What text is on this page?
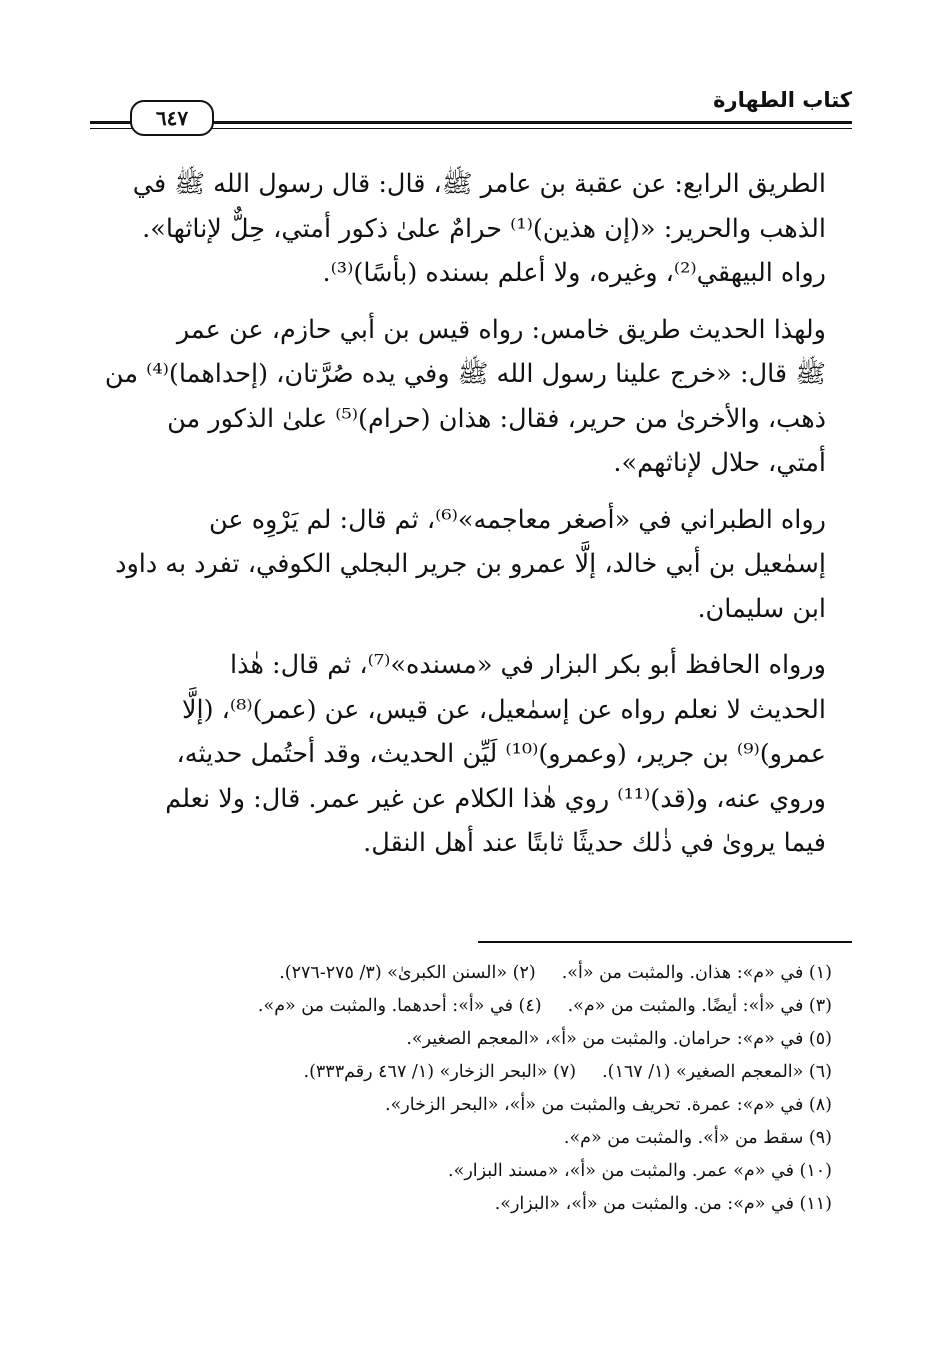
كتاب الطهارة
٦٤٧

الطريق الرابع: عن عقبة بن عامر ﷺ، قال: قال رسول الله ﷺ في
الذهب والحرير: «(إن هذين)⁽¹⁾ حرامٌ علىٰ ذكور أمتي، حِلٌّ لإناثها».
رواه البيهقي⁽²⁾، وغيره، ولا أعلم بسنده (بأسًا)⁽³⁾.

ولهذا الحديث طريق خامس: رواه قيس بن أبي حازم، عن عمر
ﷺ قال: «خرج علينا رسول الله ﷺ وفي يده صُرَّتان، (إحداهما)⁽⁴⁾ من
ذهب، والأخرىٰ من حرير، فقال: هذان (حرام)⁽⁵⁾ علىٰ الذكور من
أمتي، حلال لإناثهم».

رواه الطبراني في «أصغر معاجمه»⁽⁶⁾، ثم قال: لم يَرْوِه عن
إسمٰعيل بن أبي خالد، إلَّا عمرو بن جرير البجلي الكوفي، تفرد به داود
ابن سليمان.

ورواه الحافظ أبو بكر البزار في «مسنده»⁽⁷⁾، ثم قال: هٰذا
الحديث لا نعلم رواه عن إسمٰعيل، عن قيس، عن (عمر)⁽⁸⁾، (إلَّا
عمرو)⁽⁹⁾ بن جرير، (وعمرو)⁽¹⁰⁾ لَيِّن الحديث، وقد أحتُمل حديثه،
وروي عنه، و(قد)⁽¹¹⁾ روي هٰذا الكلام عن غير عمر. قال: ولا نعلم
فيما يرویٰ في ذٰلك حديثًا ثابتًا عند أهل النقل.

(١) في «م»: هذان. والمثبت من «أ».
(٢) «السنن الكبرىٰ» (٣/ ٢٧٥-٢٧٦).
(٣) في «أ»: أيضًا. والمثبت من «م».
(٤) في «أ»: أحدهما. والمثبت من «م».
(٥) في «م»: حرامان. والمثبت من «أ»، «المعجم الصغير».
(٦) «المعجم الصغير» (١/ ١٦٧).
(٧) «البحر الزخار» (١/ ٤٦٧ رقم٣٣٣).
(٨) في «م»: عمرة. تحريف والمثبت من «أ»، «البحر الزخار».
(٩) سقط من «أ». والمثبت من «م».
(١٠) في «م» عمر. والمثبت من «أ»، «مسند البزار».
(١١) في «م»: من. والمثبت من «أ»، «البزار».
